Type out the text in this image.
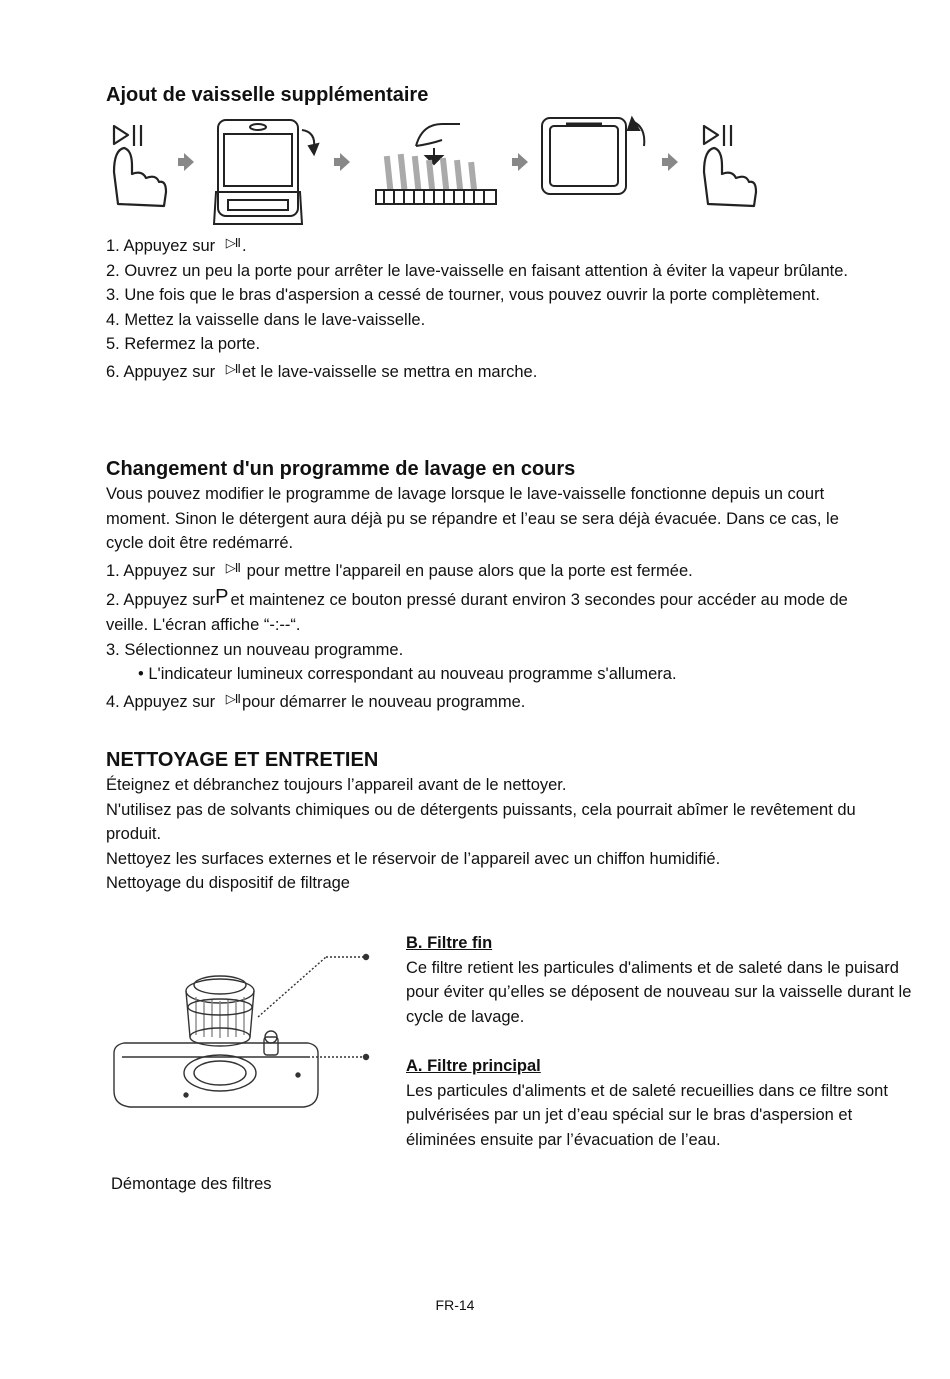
Ajout de vaisselle supplémentaire

1. Appuyez sur ▷II .

2. Ouvrez un peu la porte pour arrêter le lave-vaisselle en faisant attention à éviter la vapeur brûlante.

3. Une fois que le bras d'aspersion a cessé de tourner, vous pouvez ouvrir la porte complètement.

4. Mettez la vaisselle dans le lave-vaisselle.

5. Refermez la porte.

6. Appuyez sur ▷II et le lave-vaisselle se mettra en marche.

Changement d'un programme de lavage en cours

Vous pouvez modifier le programme de lavage lorsque le lave-vaisselle fonctionne depuis un court moment. Sinon le détergent aura déjà pu se répandre et l’eau se sera déjà évacuée. Dans ce cas, le cycle doit être redémarré.

1. Appuyez sur ▷II pour mettre l'appareil en pause alors que la porte est fermée.

2. Appuyez surP et maintenez ce bouton pressé durant environ 3 secondes pour accéder au mode de veille. L'écran affiche “-:--“.

3. Sélectionnez un nouveau programme.

• L'indicateur lumineux correspondant au nouveau programme s'allumera.

4. Appuyez sur ▷II pour démarrer le nouveau programme.

NETTOYAGE ET ENTRETIEN

Éteignez et débranchez toujours l’appareil avant de le nettoyer.

N'utilisez pas de solvants chimiques ou de détergents puissants, cela pourrait abîmer le revêtement du produit.

Nettoyez les surfaces externes et le réservoir de l’appareil avec un chiffon humidifié.

Nettoyage du dispositif de filtrage

Démontage des filtres

B. Filtre fin

Ce filtre retient les particules d'aliments et de saleté dans le puisard pour éviter qu’elles se déposent de nouveau sur la vaisselle durant le cycle de lavage.

A. Filtre principal

Les particules d'aliments et de saleté recueillies dans ce filtre sont pulvérisées par un jet d’eau spécial sur le bras d'aspersion et éliminées ensuite par l’évacuation de l’eau.

FR-14
